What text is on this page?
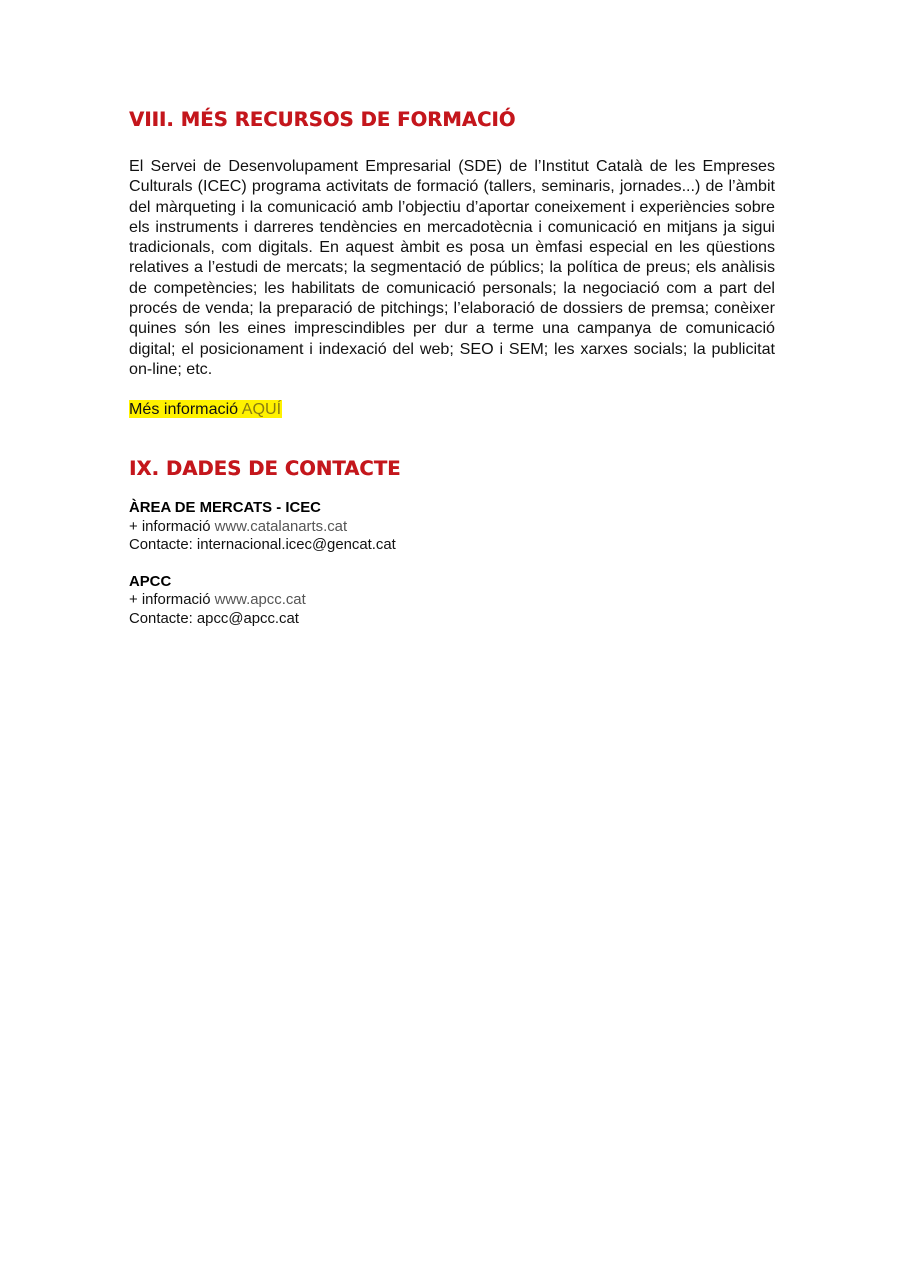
VIII. MÉS RECURSOS DE FORMACIÓ

El Servei de Desenvolupament Empresarial (SDE) de l’Institut Català de les Empreses Culturals (ICEC) programa activitats de formació (tallers, seminaris, jornades...) de l’àmbit del màrqueting i la comunicació amb l’objectiu d’aportar coneixement i experiències sobre els instruments i darreres tendències en mercadotècnia i comunicació en mitjans ja sigui tradicionals, com digitals. En aquest àmbit es posa un èmfasi especial en les qüestions relatives a l’estudi de mercats; la segmentació de públics; la política de preus; els anàlisis de competències; les habilitats de comunicació personals; la negociació com a part del procés de venda; la preparació de pitchings; l’elaboració de dossiers de premsa; conèixer quines són les eines imprescindibles per dur a terme una campanya de comunicació digital; el posicionament i indexació del web; SEO i SEM; les xarxes socials; la publicitat on-line; etc.

Més informació AQUÍ
IX. DADES DE CONTACTE
ÀREA DE MERCATS - ICEC
+ informació www.catalanarts.cat
Contacte: internacional.icec@gencat.cat
APCC
+ informació www.apcc.cat
Contacte: apcc@apcc.cat
